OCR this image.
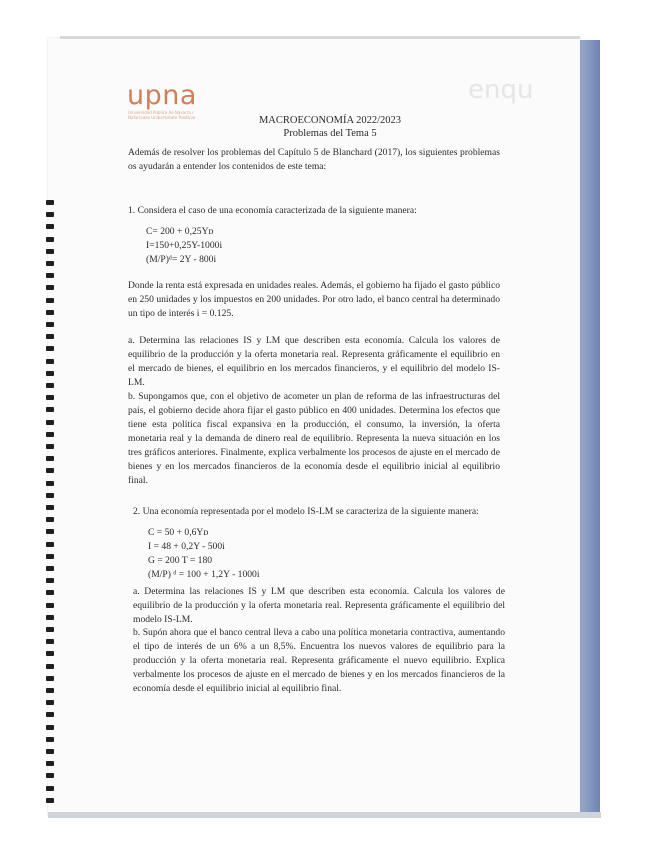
upna
Universidad Pública de Navarra / Nafarroako Unibertsitate Publikoa
enqu
MACROECONOMÍA 2022/2023
Problemas del Tema 5
Además de resolver los problemas del Capítulo 5 de Blanchard (2017), los siguientes problemas os ayudarán a entender los contenidos de este tema:
1. Considera el caso de una economía caracterizada de la siguiente manera:
C= 200 + 0,25Yᴅ
I=150+0,25Y-1000i
(M/P)ᵈ= 2Y - 800i
Donde la renta está expresada en unidades reales. Además, el gobierno ha fijado el gasto público en 250 unidades y los impuestos en 200 unidades. Por otro lado, el banco central ha determinado un tipo de interés i = 0.125.
a. Determina las relaciones IS y LM que describen esta economía. Calcula los valores de equilibrio de la producción y la oferta monetaria real. Representa gráficamente el equilibrio en el mercado de bienes, el equilibrio en los mercados financieros, y el equilibrio del modelo IS-LM.
b. Supongamos que, con el objetivo de acometer un plan de reforma de las infraestructuras del país, el gobierno decide ahora fijar el gasto público en 400 unidades. Determina los efectos que tiene esta política fiscal expansiva en la producción, el consumo, la inversión, la oferta monetaria real y la demanda de dinero real de equilibrio. Representa la nueva situación en los tres gráficos anteriores. Finalmente, explica verbalmente los procesos de ajuste en el mercado de bienes y en los mercados financieros de la economía desde el equilibrio inicial al equilibrio final.
2. Una economía representada por el modelo IS-LM se caracteriza de la siguiente manera:
C = 50 + 0,6Yᴅ
I = 48 + 0,2Y - 500i
G = 200 T = 180
(M/P) ᵈ = 100 + 1,2Y - 1000i
a. Determina las relaciones IS y LM que describen esta economía. Calcula los valores de equilibrio de la producción y la oferta monetaria real. Representa gráficamente el equilibrio del modelo IS-LM.
b. Supón ahora que el banco central lleva a cabo una política monetaria contractiva, aumentando el tipo de interés de un 6% a un 8,5%. Encuentra los nuevos valores de equilibrio para la producción y la oferta monetaria real. Representa gráficamente el nuevo equilibrio. Explica verbalmente los procesos de ajuste en el mercado de bienes y en los mercados financieros de la economía desde el equilibrio inicial al equilibrio final.
